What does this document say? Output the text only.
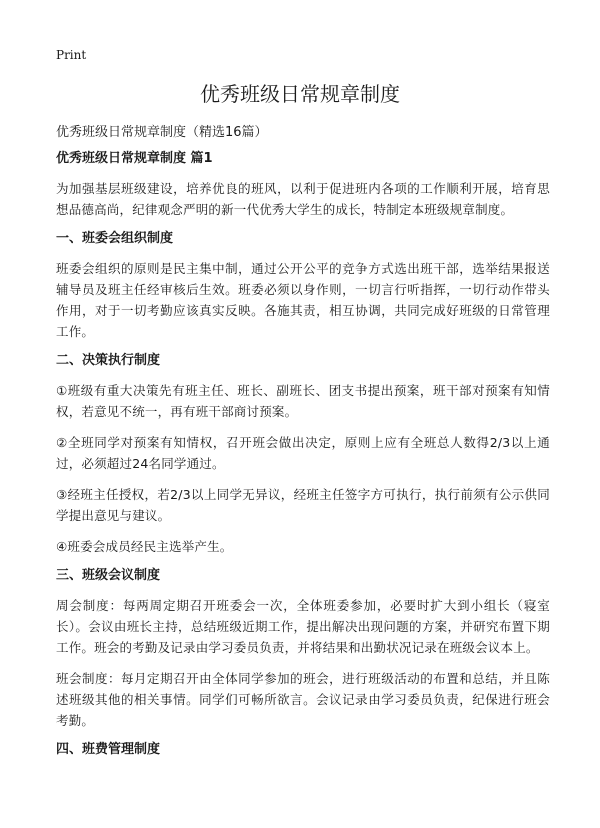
Print
优秀班级日常规章制度

优秀班级日常规章制度（精选16篇）

优秀班级日常规章制度 篇1

为加强基层班级建设，培养优良的班风，以利于促进班内各项的工作顺利开展，培育思想品德高尚，纪律观念严明的新一代优秀大学生的成长，特制定本班级规章制度。

一、班委会组织制度

班委会组织的原则是民主集中制，通过公开公平的竞争方式选出班干部，选举结果报送辅导员及班主任经审核后生效。班委必须以身作则，一切言行听指挥，一切行动作带头作用，对于一切考勤应该真实反映。各施其责，相互协调，共同完成好班级的日常管理工作。

二、决策执行制度

①班级有重大决策先有班主任、班长、副班长、团支书提出预案，班干部对预案有知情权，若意见不统一，再有班干部商讨预案。

②全班同学对预案有知情权，召开班会做出决定，原则上应有全班总人数得2/3以上通过，必须超过24名同学通过。

③经班主任授权，若2/3以上同学无异议，经班主任签字方可执行，执行前须有公示供同学提出意见与建议。

④班委会成员经民主选举产生。

三、班级会议制度

周会制度：每两周定期召开班委会一次，全体班委参加，必要时扩大到小组长（寝室长）。会议由班长主持，总结班级近期工作，提出解决出现问题的方案，并研究布置下期工作。班会的考勤及记录由学习委员负责，并将结果和出勤状况记录在班级会议本上。

班会制度：每月定期召开由全体同学参加的班会，进行班级活动的布置和总结，并且陈述班级其他的相关事情。同学们可畅所欲言。会议记录由学习委员负责，纪保进行班会考勤。

四、班费管理制度
